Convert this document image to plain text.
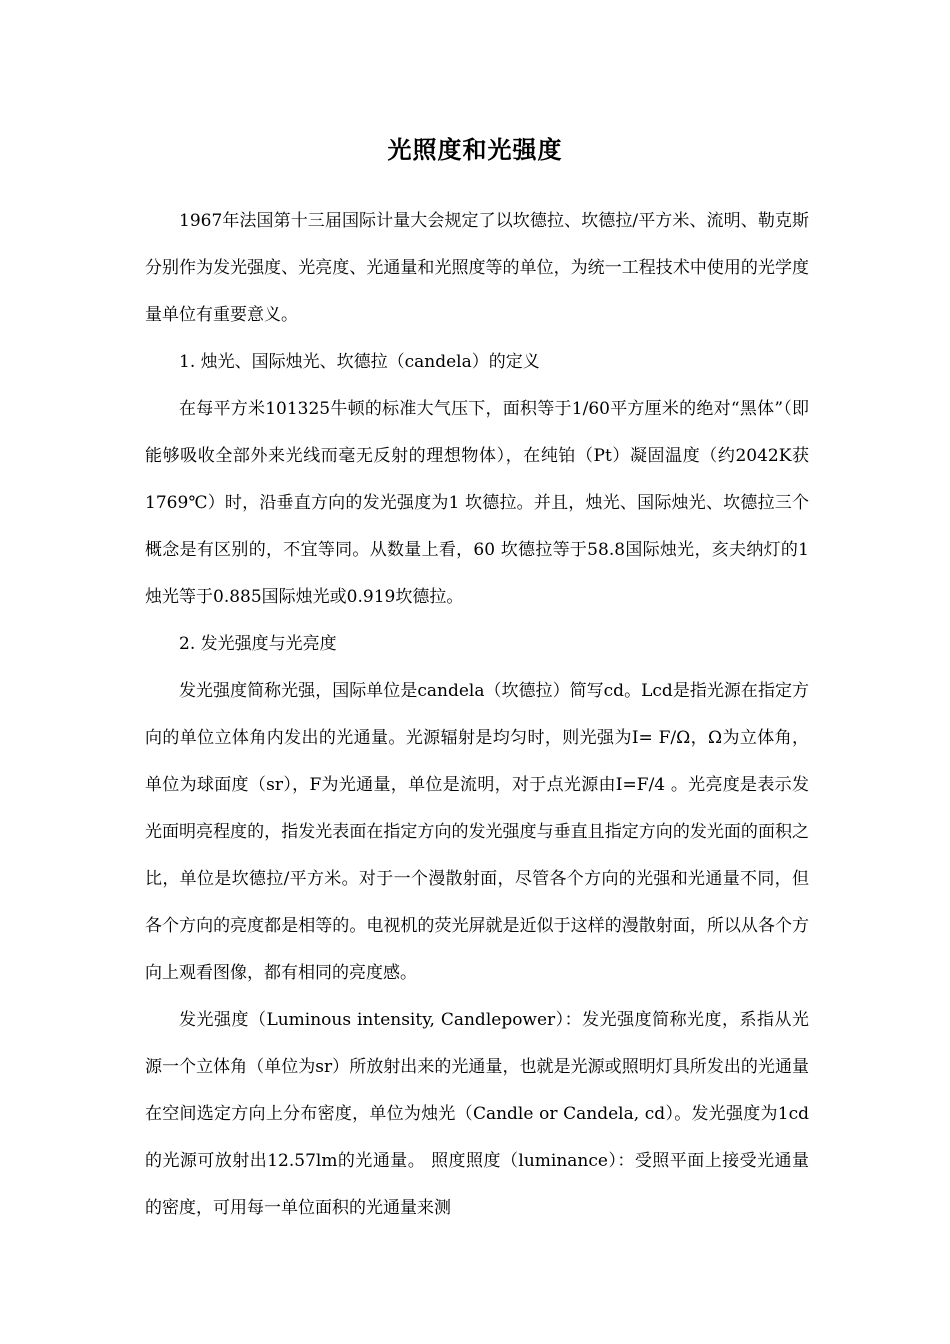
光照度和光强度

1967年法国第十三届国际计量大会规定了以坎德拉、坎德拉/平方米、流明、勒克斯分别作为发光强度、光亮度、光通量和光照度等的单位，为统一工程技术中使用的光学度量单位有重要意义。

1. 烛光、国际烛光、坎德拉（candela）的定义

在每平方米101325牛顿的标准大气压下，面积等于1/60平方厘米的绝对“黑体”（即能够吸收全部外来光线而毫无反射的理想物体），在纯铂（Pt）凝固温度（约2042K获1769℃）时，沿垂直方向的发光强度为1 坎德拉。并且，烛光、国际烛光、坎德拉三个概念是有区别的，不宜等同。从数量上看，60 坎德拉等于58.8国际烛光，亥夫纳灯的1烛光等于0.885国际烛光或0.919坎德拉。

2. 发光强度与光亮度

发光强度简称光强，国际单位是candela（坎德拉）简写cd。Lcd是指光源在指定方向的单位立体角内发出的光通量。光源辐射是均匀时，则光强为I= F/Ω，Ω为立体角，单位为球面度（sr），F为光通量，单位是流明，对于点光源由I=F/4 。光亮度是表示发光面明亮程度的，指发光表面在指定方向的发光强度与垂直且指定方向的发光面的面积之比，单位是坎德拉/平方米。对于一个漫散射面，尽管各个方向的光强和光通量不同，但各个方向的亮度都是相等的。电视机的荧光屏就是近似于这样的漫散射面，所以从各个方向上观看图像，都有相同的亮度感。

发光强度（Luminous intensity, Candlepower）：发光强度简称光度，系指从光源一个立体角（单位为sr）所放射出来的光通量，也就是光源或照明灯具所发出的光通量在空间选定方向上分布密度，单位为烛光（Candle or Candela, cd）。发光强度为1cd的光源可放射出12.57lm的光通量。 照度照度（luminance）：受照平面上接受光通量的密度，可用每一单位面积的光通量来测
